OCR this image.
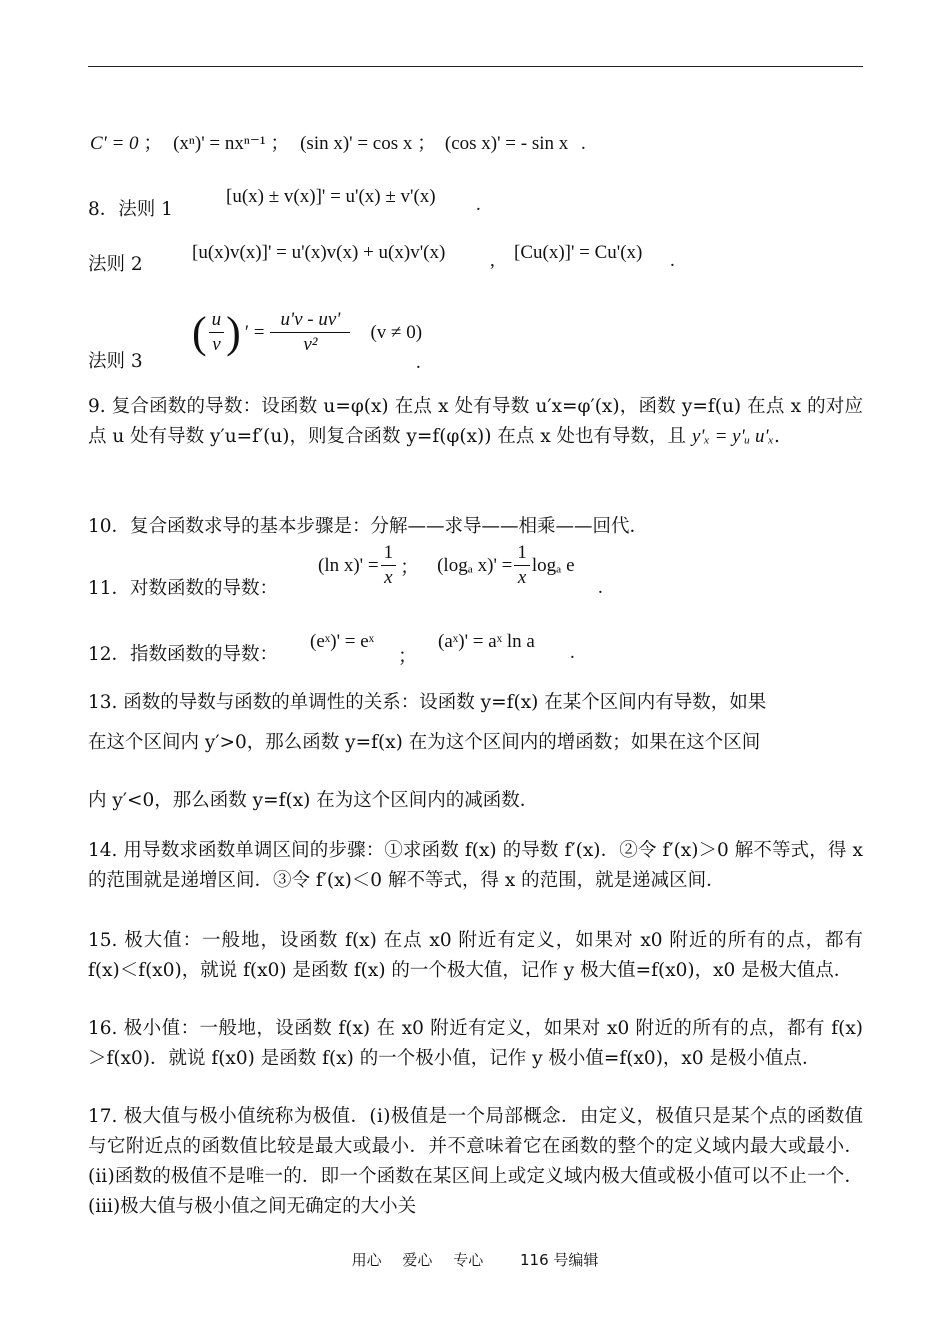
C' = 0 ； (xⁿ)' = nxⁿ⁻¹ ； (sin x)' = cos x ； (cos x)' = - sin x .
8．法则 1
[u(x) ± v(x)]' = u'(x) ± v'(x) .
法则 2
[u(x)v(x)]' = u'(x)v(x) + u(x)v'(x) , [Cu(x)]' = Cu'(x) .
法则 3
( $\frac{u}{v}$ ) ′ = $\frac{u'v - uv'}{\text{v²}} (v \ne 0)$
.
9. 复合函数的导数：设函数 u=φ(x) 在点 x 处有导数 u′x=φ′(x)，函数 y=f(u) 在点 x 的对应点 u 处有导数 y′u=f′(u)，则复合函数 y=f(φ(x)) 在点 x 处也有导数，且 y'ₓ = y'ᵤ u'ₓ.
10．复合函数求导的基本步骤是：分解——求导——相乘——回代．
11．对数函数的导数：
(ln $x)' = \frac{1}{x}$ ； (logₐ $x)' = \frac{1}{x}$ logₐ e
.
12．指数函数的导数：
(eˣ)' = eˣ
；
(aˣ)' = aˣ ln a
.
13. 函数的导数与函数的单调性的关系：设函数 y=f(x) 在某个区间内有导数，如果
在这个区间内 y′>0，那么函数 y=f(x) 在为这个区间内的增函数；如果在这个区间
内 y′<0，那么函数 y=f(x) 在为这个区间内的减函数．
14. 用导数求函数单调区间的步骤：①求函数 f(x) 的导数 f′(x)．②令 f′(x)＞0 解不等式，得 x 的范围就是递增区间．③令 f′(x)＜0 解不等式，得 x 的范围，就是递减区间．
15. 极大值：一般地，设函数 f(x) 在点 x0 附近有定义，如果对 x0 附近的所有的点，都有 f(x)＜f(x0)，就说 f(x0) 是函数 f(x) 的一个极大值，记作 y 极大值=f(x0)，x0 是极大值点．
16. 极小值：一般地，设函数 f(x) 在 x0 附近有定义，如果对 x0 附近的所有的点，都有 f(x)＞f(x0)．就说 f(x0) 是函数 f(x) 的一个极小值，记作 y 极小值=f(x0)，x0 是极小值点．
17. 极大值与极小值统称为极值．(ⅰ)极值是一个局部概念．由定义，极值只是某个点的函数值与它附近点的函数值比较是最大或最小．并不意味着它在函数的整个的定义域内最大或最小．(ⅱ)函数的极值不是唯一的．即一个函数在某区间上或定义域内极大值或极小值可以不止一个．(ⅲ)极大值与极小值之间无确定的大小关
用心 爱心 专心 116 号编辑
